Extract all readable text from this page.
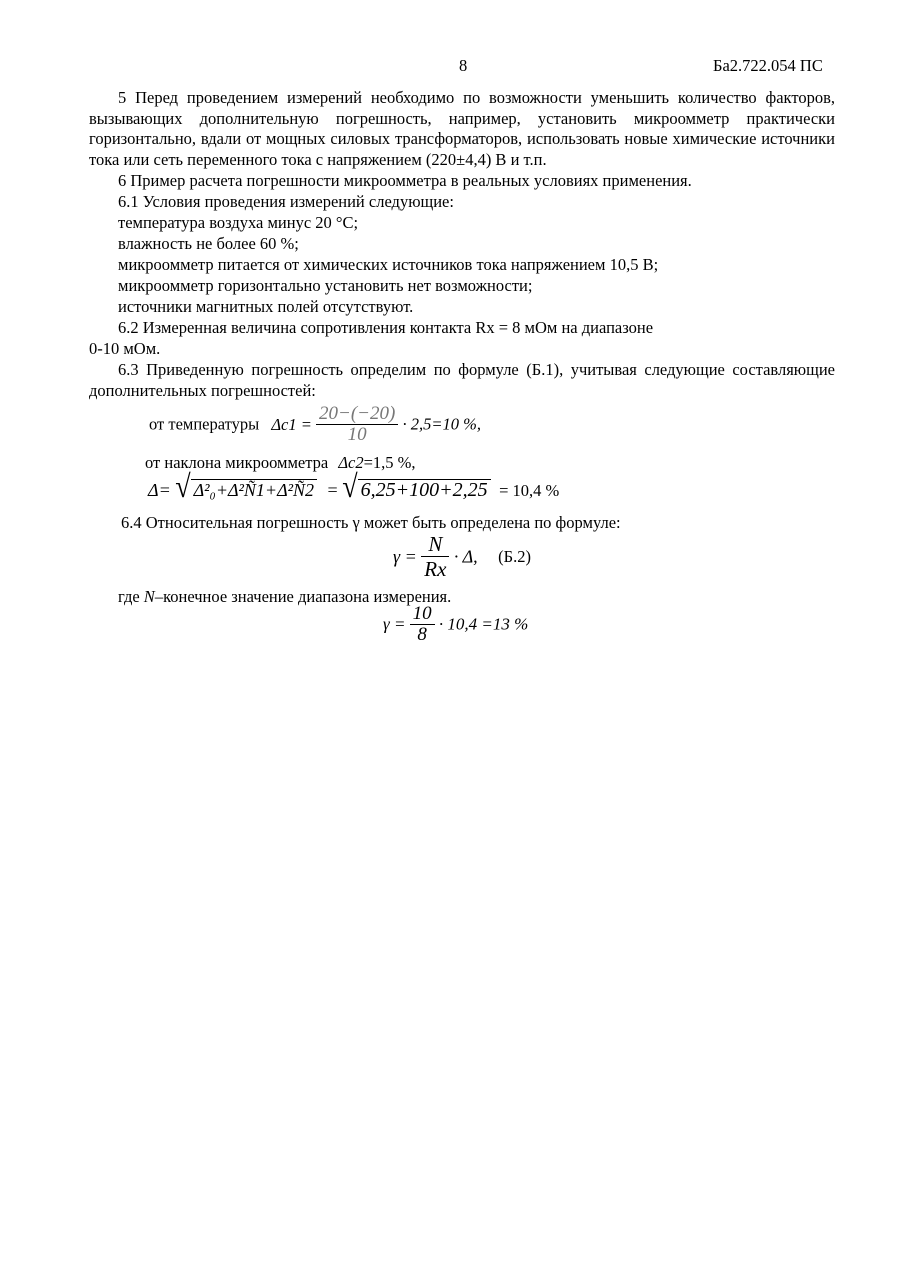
8	Ба2.722.054 ПС
5 Перед проведением измерений необходимо по возможности уменьшить количество факторов, вызывающих дополнительную погрешность, например, установить микроомметр практически горизонтально, вдали от мощных силовых трансформаторов, использовать новые химические источники тока или сеть переменного тока с напряжением (220±4,4) В и т.п.
6 Пример расчета погрешности микроомметра в реальных условиях применения.
6.1 Условия проведения измерений следующие:
температура воздуха минус 20 °С;
влажность не более 60 %;
микроомметр питается от химических источников тока напряжением 10,5 В;
микроомметр горизонтально установить нет возможности;
источники магнитных полей отсутствуют.
6.2 Измеренная величина сопротивления контакта Rx = 8 мОм на диапазоне
0-10 мОм.
6.3 Приведенную погрешность определим по формуле (Б.1), учитывая следующие составляющие дополнительных погрешностей:
от температуры $\Delta c1 = \frac{20-(-20)}{10} \cdot 2,5=10$ %,
от наклона микроомметра Δc2=1,5 %,
Δ= √ Δ²₀+Δ²Ñ1+Δ²Ñ2 = √ 6,25+100+2,25 = 10,4 %
6.4 Относительная погрешность γ может быть определена по формуле:
$\gamma = \frac{N}{Rx} \cdot \Delta$, (Б.2)
где N–конечное значение диапазона измерения.
$\gamma = \frac{10}{8} \cdot 10,4 =13$ %
